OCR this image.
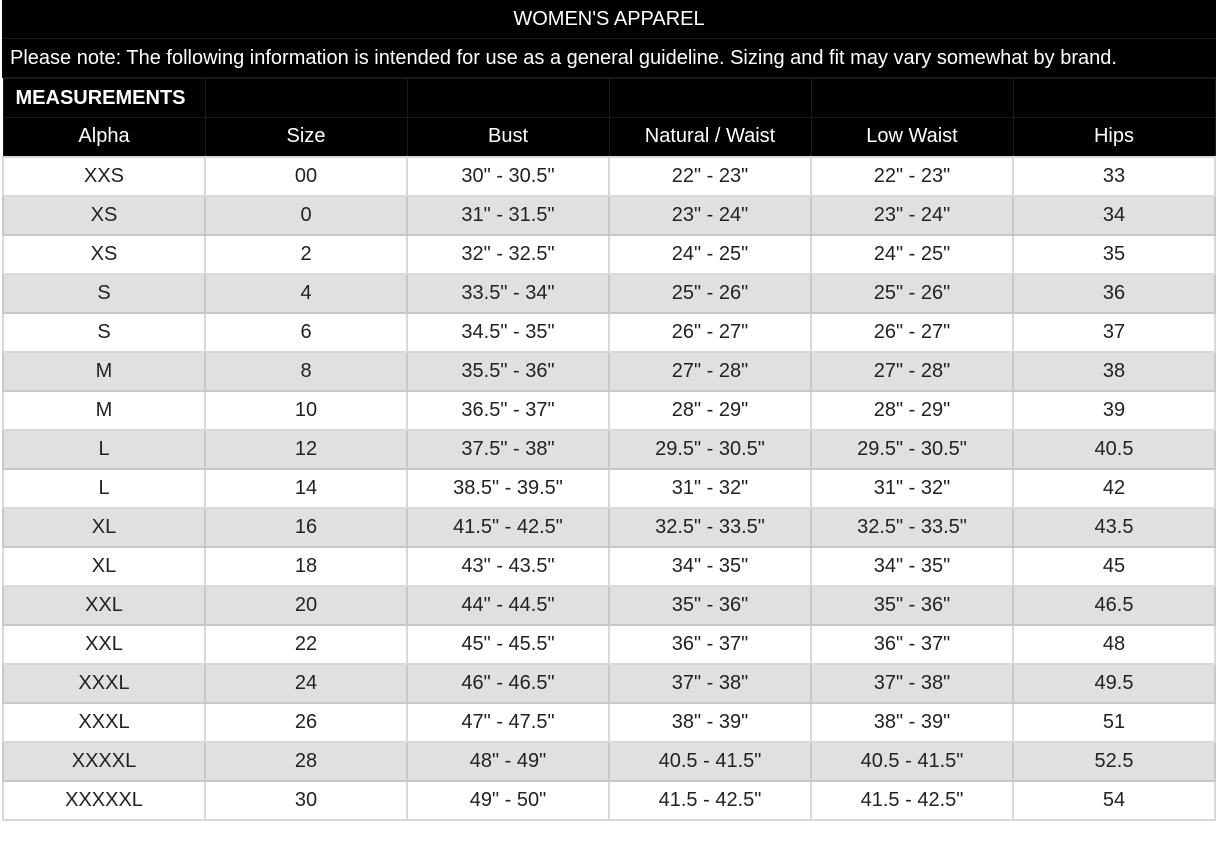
WOMEN'S APPAREL
Please note: The following information is intended for use as a general guideline. Sizing and fit may vary somewhat by brand.
MEASUREMENTS					
Alpha	Size	Bust	Natural / Waist	Low Waist	Hips
XXS	00	30" - 30.5"	22" - 23"	22" - 23"	33
XS	0	31" - 31.5"	23" - 24"	23" - 24"	34
XS	2	32" - 32.5"	24" - 25"	24" - 25"	35
S	4	33.5" - 34"	25" - 26"	25" - 26"	36
S	6	34.5" - 35"	26" - 27"	26" - 27"	37
M	8	35.5" - 36"	27" - 28"	27" - 28"	38
M	10	36.5" - 37"	28" - 29"	28" - 29"	39
L	12	37.5" - 38"	29.5" - 30.5"	29.5" - 30.5"	40.5
L	14	38.5" - 39.5"	31" - 32"	31" - 32"	42
XL	16	41.5" - 42.5"	32.5" - 33.5"	32.5" - 33.5"	43.5
XL	18	43" - 43.5"	34" - 35"	34" - 35"	45
XXL	20	44" - 44.5"	35" - 36"	35" - 36"	46.5
XXL	22	45" - 45.5"	36" - 37"	36" - 37"	48
XXXL	24	46" - 46.5"	37" - 38"	37" - 38"	49.5
XXXL	26	47" - 47.5"	38" - 39"	38" - 39"	51
XXXXL	28	48" - 49"	40.5 - 41.5"	40.5 - 41.5"	52.5
XXXXXL	30	49" - 50"	41.5 - 42.5"	41.5 - 42.5"	54
